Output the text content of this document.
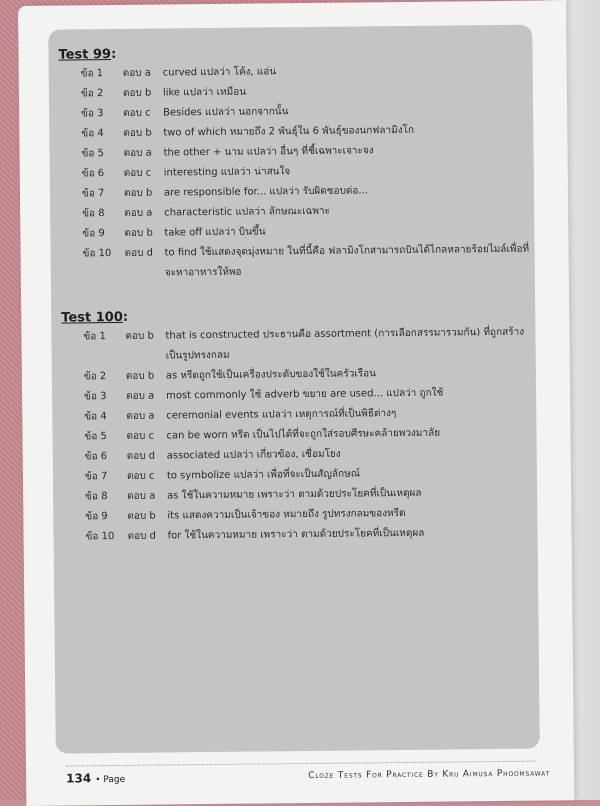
Test 99:
ข้อ 1	ตอบ a	curved แปลว่า โค้ง, แอ่น
ข้อ 2	ตอบ b	like แปลว่า เหมือน
ข้อ 3	ตอบ c	Besides แปลว่า นอกจากนั้น
ข้อ 4	ตอบ b	two of which หมายถึง 2 พันธุ์ใน 6 พันธุ์ของนกฟลามิงโก
ข้อ 5	ตอบ a	the other + นาม แปลว่า อื่นๆ ที่ชี้เฉพาะเจาะจง
ข้อ 6	ตอบ c	interesting แปลว่า น่าสนใจ
ข้อ 7	ตอบ b	are responsible for... แปลว่า รับผิดชอบต่อ...
ข้อ 8	ตอบ a	characteristic แปลว่า ลักษณะเฉพาะ
ข้อ 9	ตอบ b	take off แปลว่า บินขึ้น
ข้อ 10	ตอบ d	to find ใช้แสดงจุดมุ่งหมาย ในที่นี้คือ ฟลามิงโกสามารถบินได้ไกลหลายร้อยไมล์เพื่อที่จะหาอาหารให้พอ
Test 100:
ข้อ 1	ตอบ b	that is constructed ประธานคือ assortment (การเลือกสรรมารวมกัน) ที่ถูกสร้างเป็นรูปทรงกลม
ข้อ 2	ตอบ b	as หรีดถูกใช้เป็นเครื่องประดับของใช้ในครัวเรือน
ข้อ 3	ตอบ a	most commonly ใช้ adverb ขยาย are used... แปลว่า ถูกใช้
ข้อ 4	ตอบ a	ceremonial events แปลว่า เหตุการณ์ที่เป็นพิธีต่างๆ
ข้อ 5	ตอบ c	can be worn หรีด เป็นไปได้ที่จะถูกใส่รอบศีรษะคล้ายพวงมาลัย
ข้อ 6	ตอบ d	associated แปลว่า เกี่ยวข้อง, เชื่อมโยง
ข้อ 7	ตอบ c	to symbolize แปลว่า เพื่อที่จะเป็นสัญลักษณ์
ข้อ 8	ตอบ a	as ใช้ในความหมาย เพราะว่า ตามด้วยประโยคที่เป็นเหตุผล
ข้อ 9	ตอบ b	its แสดงความเป็นเจ้าของ หมายถึง รูปทรงกลมของหรีด
ข้อ 10	ตอบ d	for ใช้ในความหมาย เพราะว่า ตามด้วยประโยคที่เป็นเหตุผล
134 • Page	Cloze Tests For Practice By Kru Aimusa Phoomsawat
